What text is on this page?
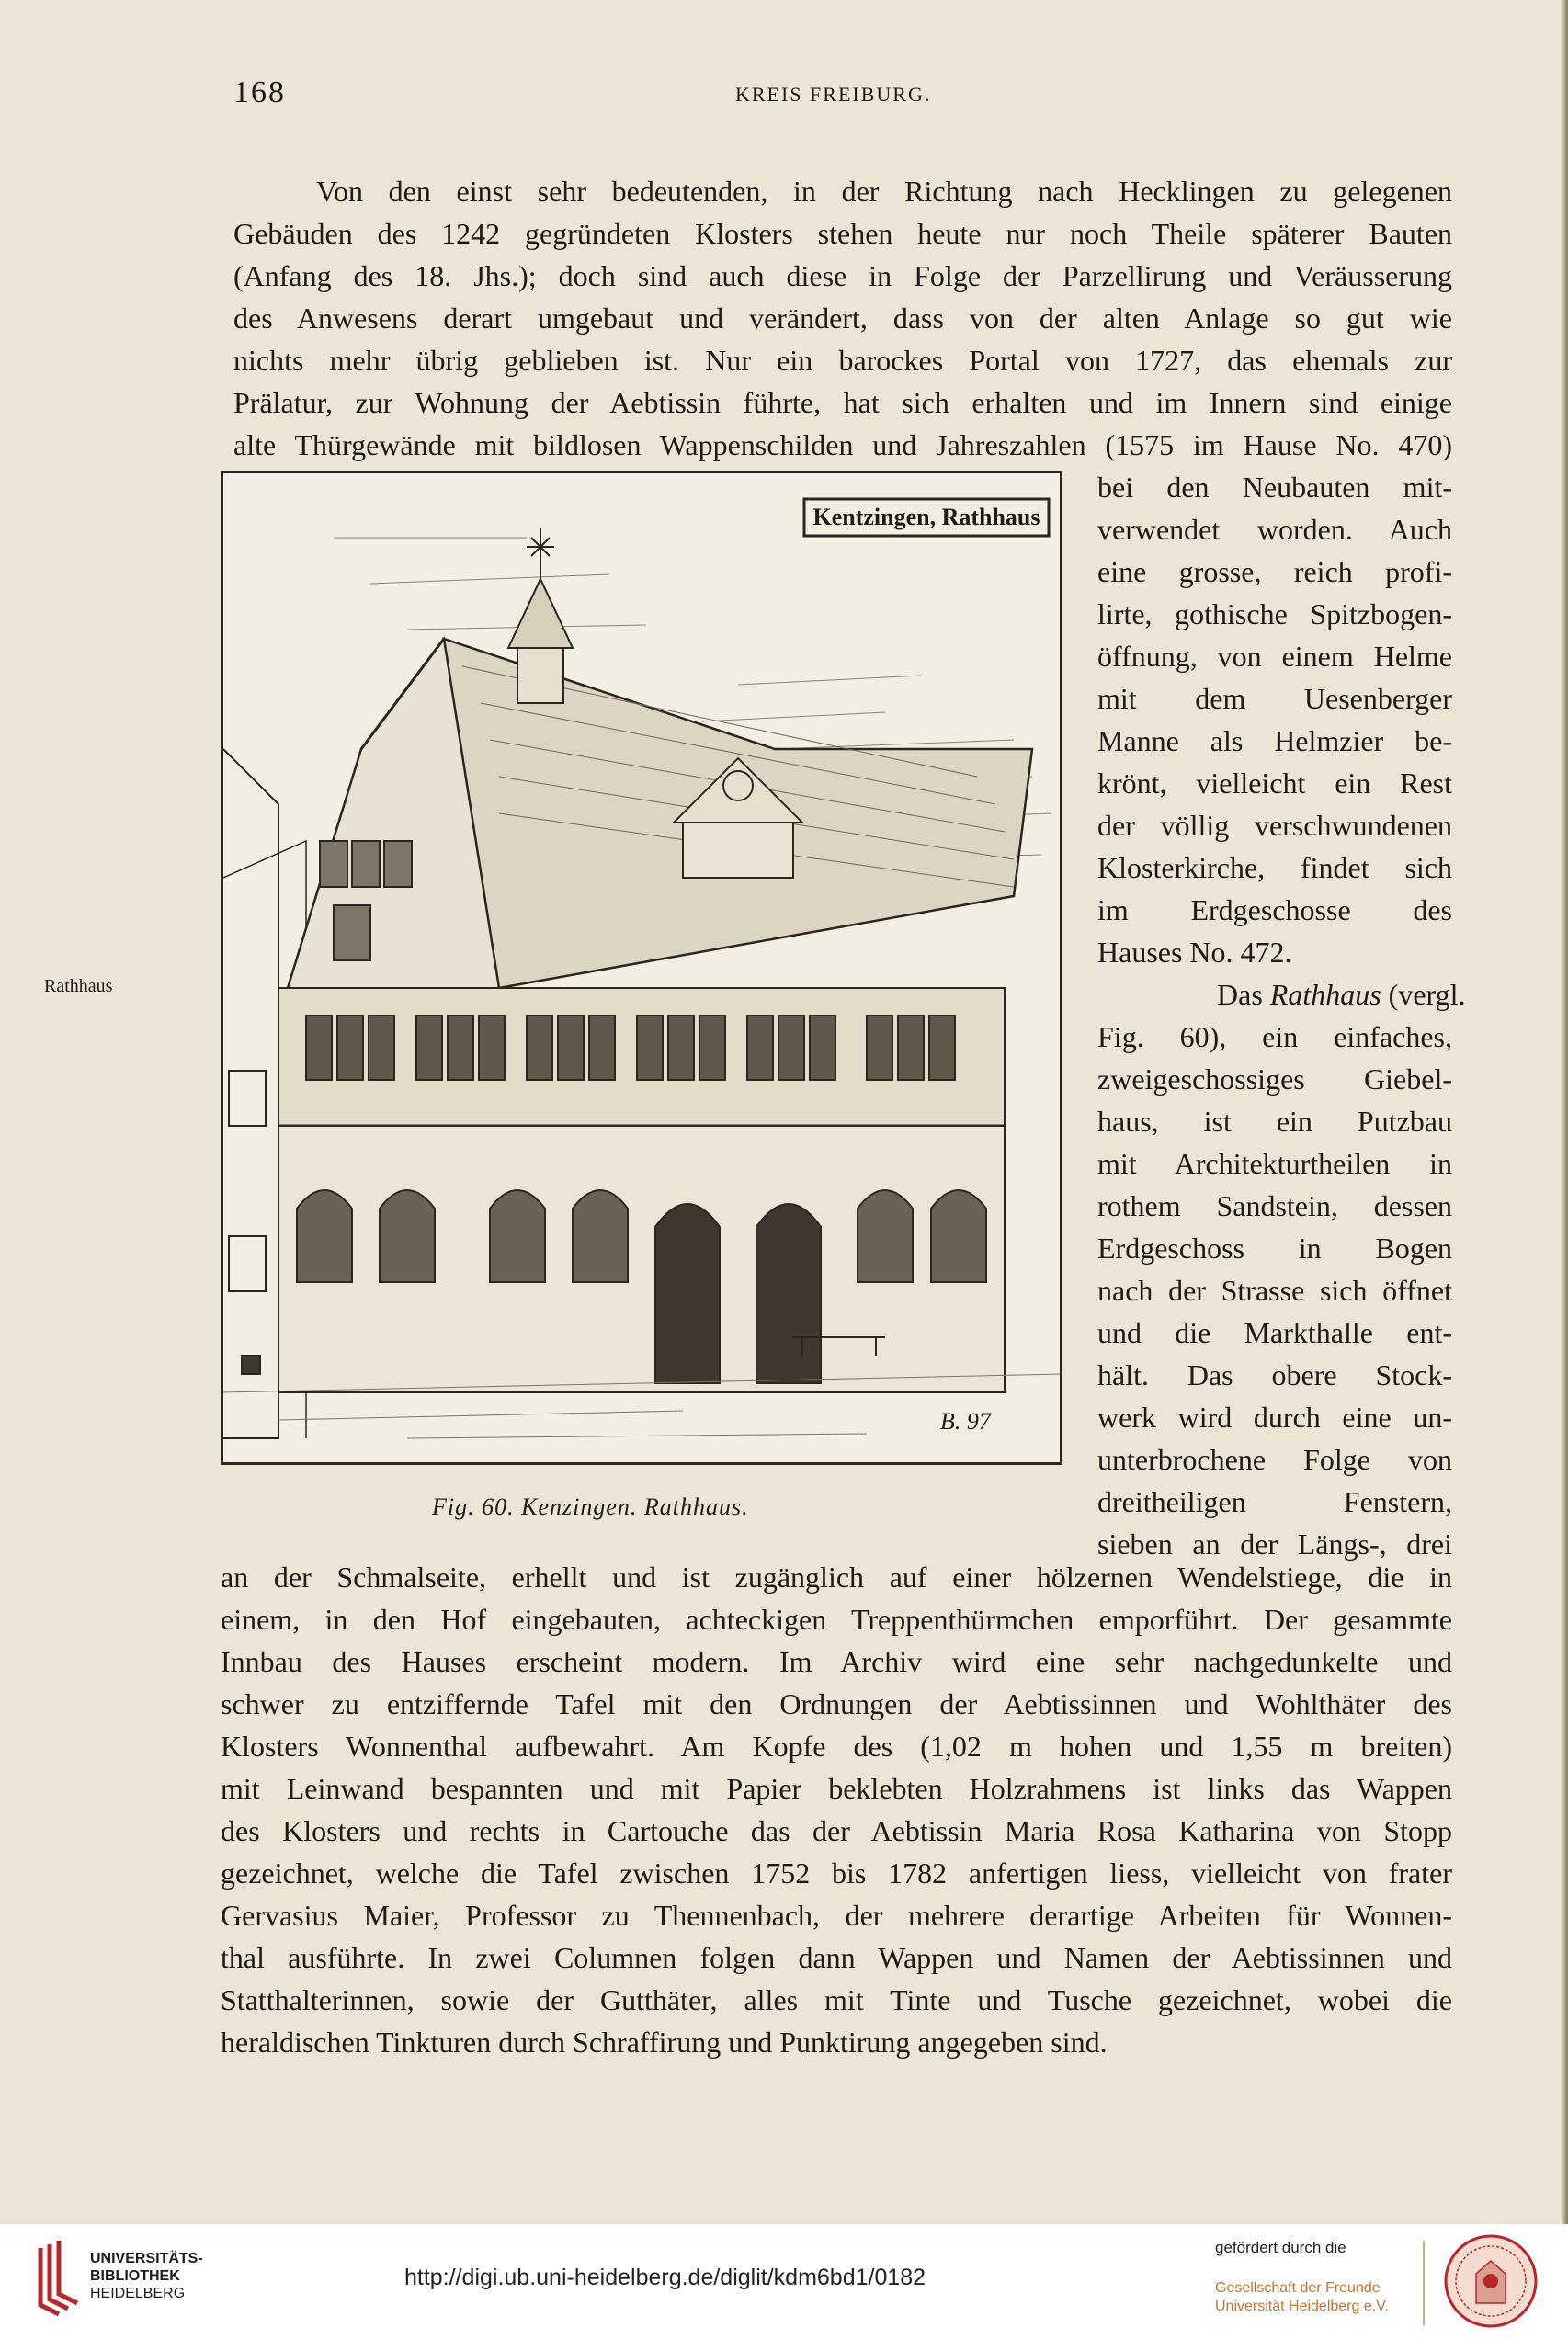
168	KREIS FREIBURG.
Von den einst sehr bedeutenden, in der Richtung nach Hecklingen zu gelegenen
Gebäuden des 1242 gegründeten Klosters stehen heute nur noch Theile späterer Bauten
(Anfang des 18. Jhs.); doch sind auch diese in Folge der Parzellirung und Veräusserung
des Anwesens derart umgebaut und verändert, dass von der alten Anlage so gut wie
nichts mehr übrig geblieben ist. Nur ein barockes Portal von 1727, das ehemals zur
Prälatur, zur Wohnung der Aebtissin führte, hat sich erhalten und im Innern sind einige
alte Thürgewände mit bildlosen Wappenschilden und Jahreszahlen (1575 im Hause No. 470)
bei den Neubauten mit-
verwendet worden. Auch
eine grosse, reich profi-
lirte, gothische Spitzbogen-
öffnung, von einem Helme
mit dem Uesenberger
Manne als Helmzier be-
krönt, vielleicht ein Rest
der völlig verschwundenen
Klosterkirche, findet sich
im Erdgeschosse des
Hauses No. 472.
Das Rathhaus (vergl.
Fig. 60), ein einfaches,
zweigeschossiges Giebel-
haus, ist ein Putzbau
mit Architekturtheilen in
rothem Sandstein, dessen
Erdgeschoss in Bogen
nach der Strasse sich öffnet
und die Markthalle ent-
hält. Das obere Stock-
werk wird durch eine un-
unterbrochene Folge von
dreitheiligen Fenstern,
sieben an der Längs-, drei
Rathhaus
Kentzingen, Rathhaus
B. 97
Fig. 60. Kenzingen. Rathhaus.
an der Schmalseite, erhellt und ist zugänglich auf einer hölzernen Wendelstiege, die in
einem, in den Hof eingebauten, achteckigen Treppenthürmchen emporführt. Der gesammte
Innbau des Hauses erscheint modern. Im Archiv wird eine sehr nachgedunkelte und
schwer zu entziffernde Tafel mit den Ordnungen der Aebtissinnen und Wohlthäter des
Klosters Wonnenthal aufbewahrt. Am Kopfe des (1,02 m hohen und 1,55 m breiten)
mit Leinwand bespannten und mit Papier beklebten Holzrahmens ist links das Wappen
des Klosters und rechts in Cartouche das der Aebtissin Maria Rosa Katharina von Stopp
gezeichnet, welche die Tafel zwischen 1752 bis 1782 anfertigen liess, vielleicht von frater
Gervasius Maier, Professor zu Thennenbach, der mehrere derartige Arbeiten für Wonnen-
thal ausführte. In zwei Columnen folgen dann Wappen und Namen der Aebtissinnen und
Statthalterinnen, sowie der Gutthäter, alles mit Tinte und Tusche gezeichnet, wobei die
heraldischen Tinkturen durch Schraffirung und Punktirung angegeben sind.
UNIVERSITÄTS-
BIBLIOTHEK
HEIDELBERG
http://digi.ub.uni-heidelberg.de/diglit/kdm6bd1/0182
gefördert durch die
Gesellschaft der Freunde
Universität Heidelberg e.V.
